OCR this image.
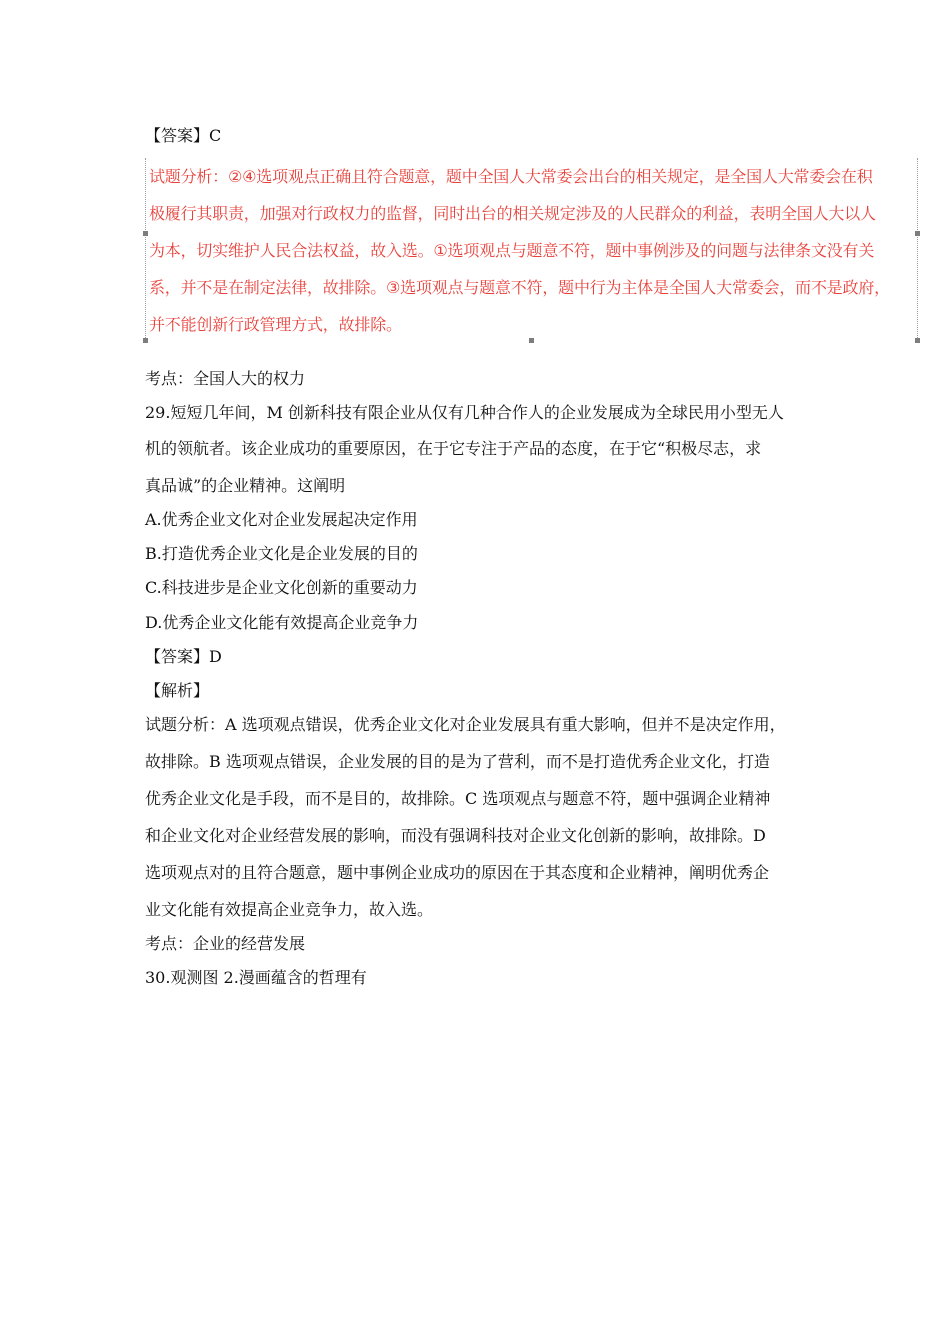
【答案】C
试题分析：②④选项观点正确且符合题意，题中全国人大常委会出台的相关规定，是全国人大常委会在积
极履行其职责，加强对行政权力的监督，同时出台的相关规定涉及的人民群众的利益，表明全国人大以人
为本，切实维护人民合法权益，故入选。①选项观点与题意不符，题中事例涉及的问题与法律条文没有关
系，并不是在制定法律，故排除。③选项观点与题意不符，题中行为主体是全国人大常委会，而不是政府，
并不能创新行政管理方式，故排除。
考点：全国人大的权力
29.短短几年间，M 创新科技有限企业从仅有几种合作人的企业发展成为全球民用小型无人
机的领航者。该企业成功的重要原因，在于它专注于产品的态度，在于它“积极尽志，求
真品诚”的企业精神。这阐明
A.优秀企业文化对企业发展起决定作用
B.打造优秀企业文化是企业发展的目的
C.科技进步是企业文化创新的重要动力
D.优秀企业文化能有效提高企业竞争力
【答案】D
【解析】
试题分析：A 选项观点错误，优秀企业文化对企业发展具有重大影响，但并不是决定作用，
故排除。B 选项观点错误，企业发展的目的是为了营利，而不是打造优秀企业文化，打造
优秀企业文化是手段，而不是目的，故排除。C 选项观点与题意不符，题中强调企业精神
和企业文化对企业经营发展的影响，而没有强调科技对企业文化创新的影响，故排除。D
选项观点对的且符合题意，题中事例企业成功的原因在于其态度和企业精神，阐明优秀企
业文化能有效提高企业竞争力，故入选。
考点：企业的经营发展
30.观测图 2.漫画蕴含的哲理有
